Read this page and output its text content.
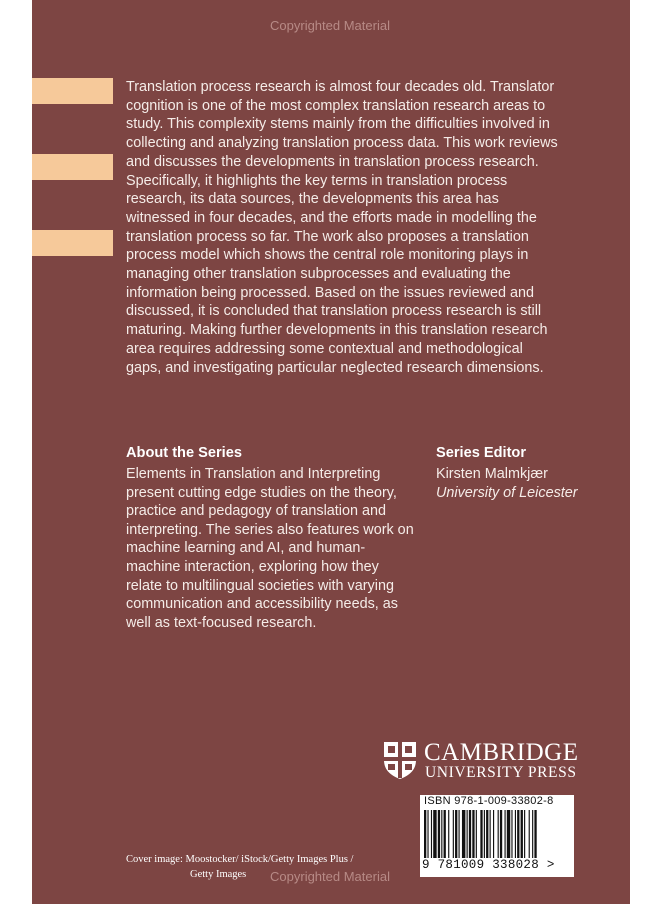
Copyrighted Material

Translation process research is almost four decades old. Translator cognition is one of the most complex translation research areas to study. This complexity stems mainly from the difficulties involved in collecting and analyzing translation process data. This work reviews and discusses the developments in translation process research. Specifically, it highlights the key terms in translation process research, its data sources, the developments this area has witnessed in four decades, and the efforts made in modelling the translation process so far. The work also proposes a translation process model which shows the central role monitoring plays in managing other translation subprocesses and evaluating the information being processed. Based on the issues reviewed and discussed, it is concluded that translation process research is still maturing. Making further developments in this translation research area requires addressing some contextual and methodological gaps, and investigating particular neglected research dimensions.

About the Series
Elements in Translation and Interpreting present cutting edge studies on the theory, practice and pedagogy of translation and interpreting. The series also features work on machine learning and AI, and human-machine interaction, exploring how they relate to multilingual societies with varying communication and accessibility needs, as well as text-focused research.
Series Editor
Kirsten Malmkjær
University of Leicester
CAMBRIDGE
UNIVERSITY PRESS
ISBN 978-1-009-33802-8
9 781009 338028 >
Cover image: Moostocker/ iStock/Getty Images Plus /
Getty Images	Copyrighted Material
